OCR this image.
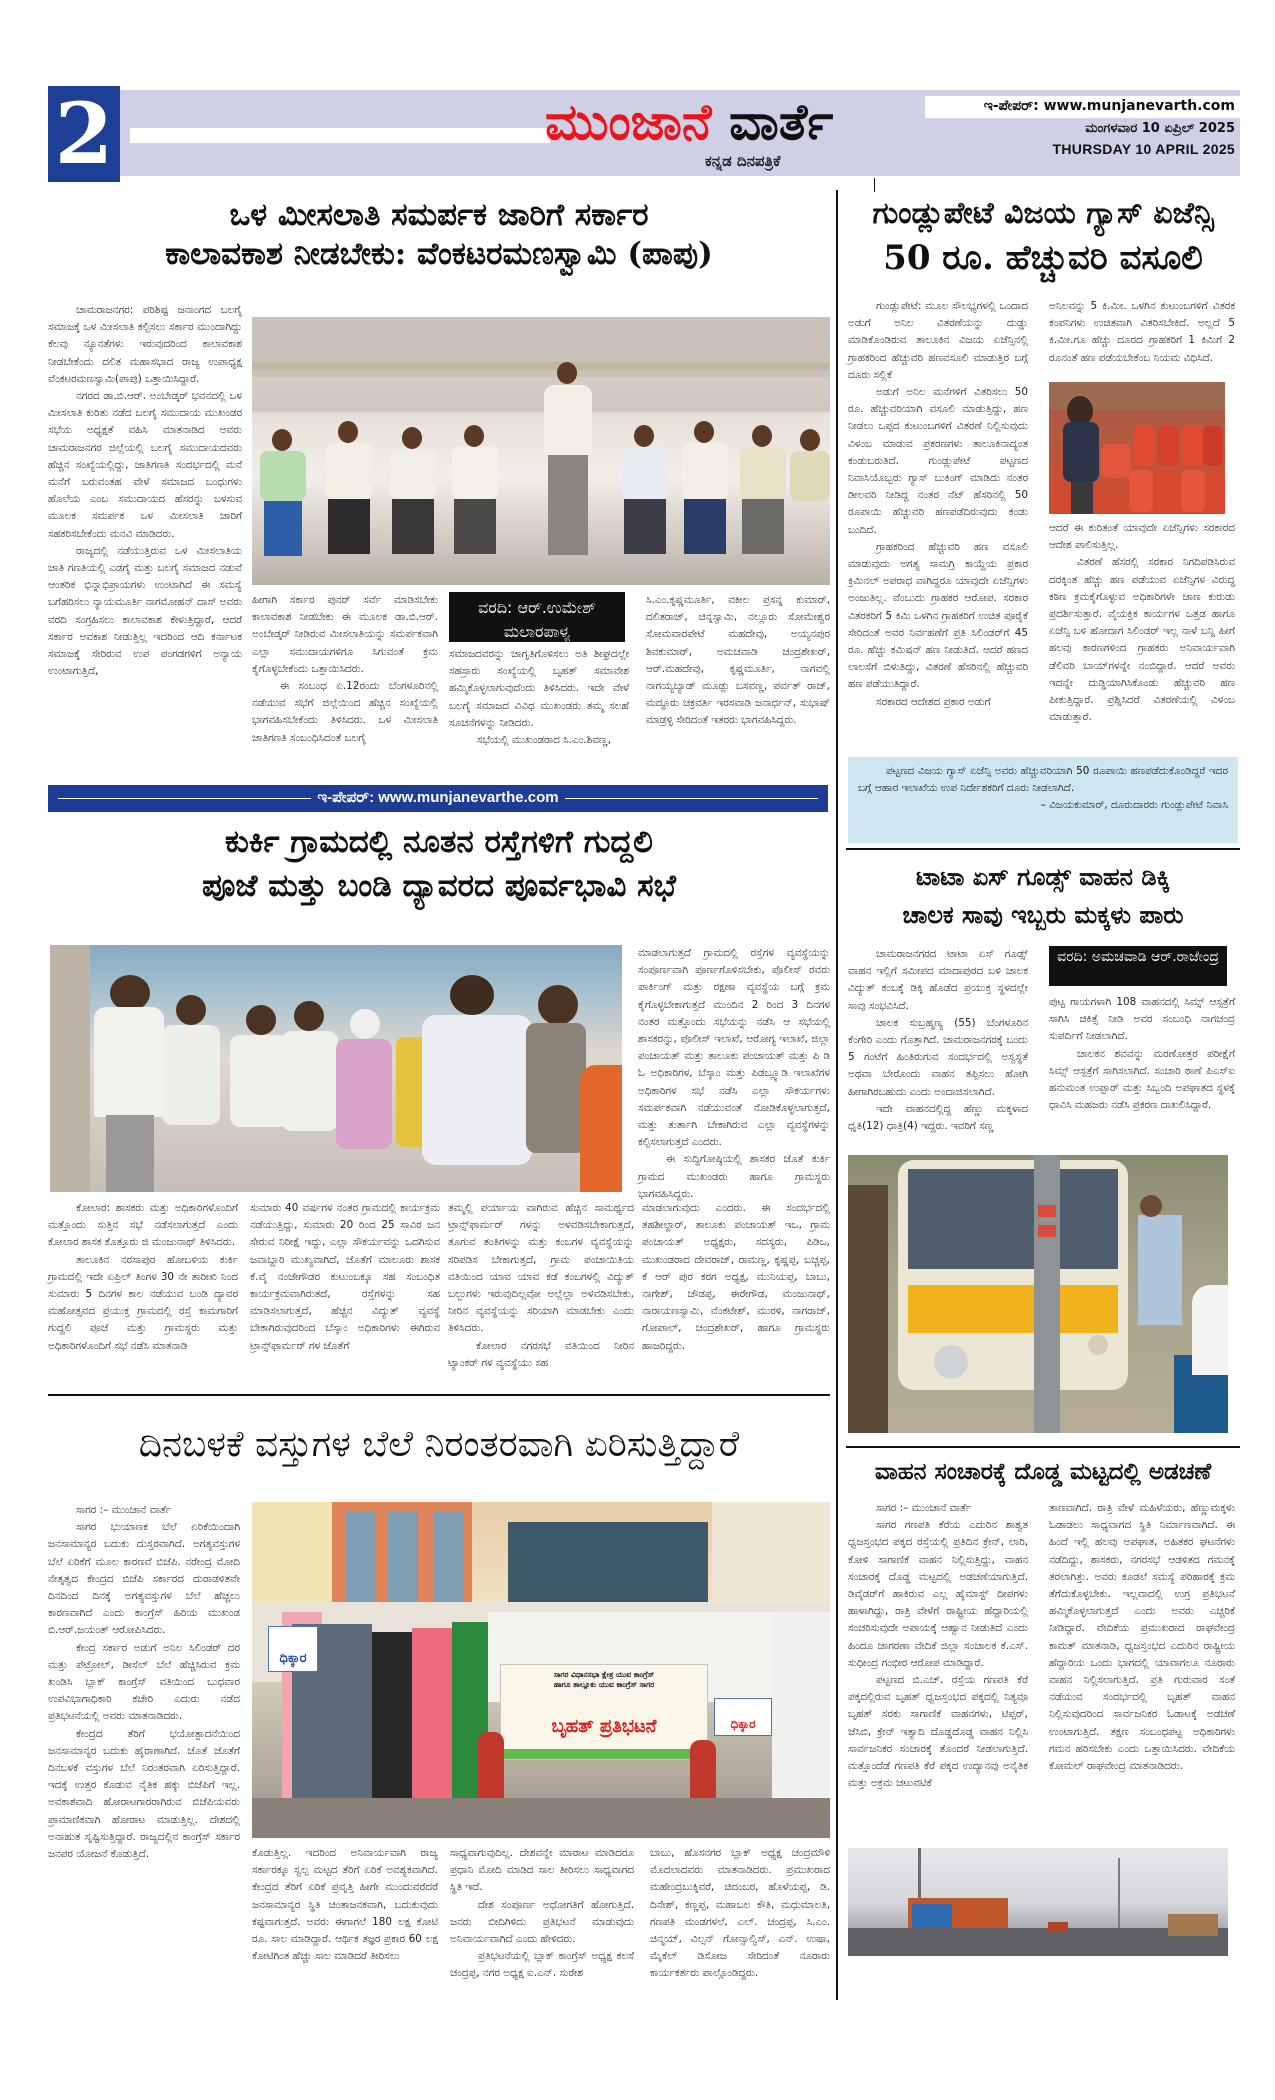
2	ಮುಂಜಾನೆ ವಾರ್ತೆ
ಕನ್ನಡ ದಿನಪತ್ರಿಕೆ
ಇ-ಪೇಪರ್: www.munjanevarth.com
ಮಂಗಳವಾರ 10 ಏಪ್ರಿಲ್ 2025
THURSDAY 10 APRIL 2025
ಒಳ ಮೀಸಲಾತಿ ಸಮರ್ಪಕ ಜಾರಿಗೆ ಸರ್ಕಾರ
ಕಾಲಾವಕಾಶ ನೀಡಬೇಕು: ವೆಂಕಟರಮಣಸ್ವಾಮಿ (ಪಾಪು)

ಚಾಮರಾಜನಗರ: ಪರಿಶಿಷ್ಟ ಜನಾಂಗದ ಬಲಗೈ ಸಮಾಜಕ್ಕೆ ಒಳ ಮೀಸಲಾತಿ ಕಲ್ಪಿಸಲು ಸರ್ಕಾರ ಮುಂದಾಗಿದ್ದು ಕೆಲವು ನ್ಯೂನತೆಗಳು ಇರುವುದರಿಂದ ಕಾಲಾವಕಾಶ ನೀಡಬೇಕೆಂದು ದಲಿತ ಮಹಾಸಭಾದ ರಾಜ್ಯ ಉಪಾಧ್ಯಕ್ಷ ವೆಂಕಟರಮಣಸ್ವಾಮಿ(ಪಾಪು) ಒತ್ತಾಯಿಸಿದ್ದಾರೆ.

ನಗರದ ಡಾ.ಬಿ.ಆರ್. ಅಂಬೇಡ್ಕರ್ ಭವನದಲ್ಲಿ ಒಳ ಮೀಸಲಾತಿ ಕುರಿತು ನಡೆದ ಬಲಗೈ ಸಮುದಾಯ ಮುಖಂಡರ ಸಭೆಯ ಅಧ್ಯಕ್ಷತೆ ವಹಿಸಿ ಮಾತನಾಡಿದ ಅವರು ಚಾಮರಾಜನಗರ ಜಿಲ್ಲೆಯಲ್ಲಿ ಬಲಗೈ ಸಮುದಾಯದವರು ಹೆಚ್ಚಿನ ಸಂಖ್ಯೆಯಲ್ಲಿದ್ದು, ಜಾತಿಗಣತಿ ಸಂದರ್ಭದಲ್ಲಿ ಮನೆ ಮನೆಗೆ ಬರುವಂತಹ ವೇಳೆ ಸಮಾಜದ ಬಂಧುಗಳು ಹೊಲೆಯ ಎಂಬ ಸಮುದಾಯದ ಹೆಸರನ್ನು ಬಳಸುವ ಮೂಲಕ ಸಮರ್ಪಕ ಒಳ ಮೀಸಲಾತಿ ಜಾರಿಗೆ ಸಹಕರಿಸಬೇಕೆಂದು ಮನವಿ ಮಾಡಿದರು.

ರಾಜ್ಯದಲ್ಲಿ ನಡೆಯುತ್ತಿರುವ ಒಳ ಮೀಸಲಾತಿಯ ಜಾತಿ ಗಣತಿಯಲ್ಲಿ ಎಡಗೈ ಮತ್ತು ಬಲಗೈ ಸಮಾಜದ ನಡುವೆ ಆಂತರಿಕ ಭಿನ್ನಾಭಿಪ್ರಾಯಗಳು ಉಂಟಾಗಿದೆ ಈ ಸಮಸ್ಯೆ ಬಗೆಹರಿಸಲು ನ್ಯಾಯಮೂರ್ತಿ ನಾಗಮೋಹನ್ ದಾಸ್ ಅವರು ವರದಿ ಸಂಗ್ರಹಿಸಲು ಕಾಲಾವಕಾಶ ಕೇಳುತ್ತಿದ್ದಾರೆ, ಆದರೆ ಸರ್ಕಾರ ಅವಕಾಶ ನೀಡುತ್ತಿಲ್ಲ ಇದರಿಂದ ಆದಿ ಕರ್ನಾಟಕ ಸಮಾಜಕ್ಕೆ ಸೇರಿರುವ ಉಪ ಪಂಗಡಗಳಿಗೆ ಅನ್ಯಾಯ ಉಂಟಾಗುತ್ತಿದೆ,

ಹೀಗಾಗಿ ಸರ್ಕಾರ ಪುನರ್ ಸರ್ವೆ ಮಾಡಿಸಬೇಕು ಕಾಲಾವಕಾಶ ನೀಡಬೇಕು ಈ ಮೂಲಕ ಡಾ.ಬಿ.ಆರ್. ಅಂಬೇಡ್ಕರ್ ನೀಡಿರುವ ಮೀಸಲಾತಿಯನ್ನು ಸಮರ್ಪಕವಾಗಿ ಎಲ್ಲಾ ಸಮುದಾಯಗಳಿಗೂ ಸಿಗುವಂತೆ ಕ್ರಮ ಕೈಗೊಳ್ಳಬೇಕೆಂದು ಒತ್ತಾಯಿಸಿದರು.

ಈ ಸಂಬಂಧ ಏ.12ರಂದು ಬೆಂಗಳೂರಿನಲ್ಲಿ ನಡೆಯುವ ಸಭೆಗೆ ಜಿಲ್ಲೆಯಿಂದ ಹೆಚ್ಚಿನ ಸಂಖ್ಯೆಯಲ್ಲಿ ಭಾಗವಹಿಸಬೇಕೆಂದು ತಿಳಿಸಿದರು. ಒಳ ಮೀಸಲಾತಿ ಜಾತಿಗಣತಿ ಸಂಬಂಧಿಸಿದಂತೆ ಬಲಗೈ

ವರದಿ: ಆರ್.ಉಮೇಶ್ ಮಲಾರಪಾಳ್ಯ

ಸಮಾಜದವರನ್ನು ಜಾಗೃತಿಗೊಳಿಸಲು ಅತಿ ಶೀಘ್ರದಲ್ಲೇ ಸಹಸ್ರಾರು ಸಂಖ್ಯೆಯಲ್ಲಿ ಬೃಹತ್ ಸಮಾವೇಶ ಹಮ್ಮಿಕೊಳ್ಳಲಾಗುವುದೆಂದು ತಿಳಿಸಿದರು. ಇದೇ ವೇಳೆ ಬಲಗೈ ಸಮಾಜದ ವಿವಿಧ ಮುಖಂಡರು ತಮ್ಮ ಸಲಹೆ ಸೂಚನೆಗಳನ್ನು ನೀಡಿದರು.

ಸಭೆಯಲ್ಲಿ ಮುಖಂಡರಾದ ಸಿ.ಎಂ.ಶಿವಣ್ಣ,

ಸಿ.ಎಂ.ಕೃಷ್ಣಮೂರ್ತಿ, ವಕೀಲ ಪ್ರಸನ್ನ ಕುಮಾರ್, ದಲಿತರಾಜ್, ಚಿನ್ನಸ್ವಾಮಿ, ನಲ್ಲೂರು ಸೋಮೇಶ್ವರ ಸೋಮವಾರಪೇಟೆ ಮಹದೇವು, ಅಯ್ಯನಪುರ ಶಿವಕುಮಾರ್, ಅಮಚವಾಡಿ ಚಂದ್ರಶೇಖರ್, ಆರ್.ಮಹದೇವು, ಕೃಷ್ಣಮೂರ್ತಿ, ನಾಗವಲ್ಲಿ ನಾಗಯ್ಯಬ್ಯಾಡ್ ಮೂಡ್ಲು ಬಸವಣ್ಣ, ಪರ್ವತ್ ರಾಜ್, ಮದ್ದೂರು ಚಕ್ರವರ್ತಿ ಇರಸವಾಡಿ ಜನಾರ್ಧನ್, ಸುಭಾಷ್ ಮಾಡ್ರಳ್ಳಿ ಸೇರಿದಂತೆ ಇತರರು ಭಾಗವಹಿಸಿದ್ದರು.

ಗುಂಡ್ಲುಪೇಟೆ ವಿಜಯ ಗ್ಯಾಸ್ ಏಜೆನ್ಸಿ
50 ರೂ. ಹೆಚ್ಚುವರಿ ವಸೂಲಿ

ಗುಂಡ್ಲುಪೇಟೆ: ಮೂಲ ಸೌಲಭ್ಯಗಳಲ್ಲಿ ಒಂದಾದ ಅಡುಗೆ ಅನಿಲ ವಿತರಣೆಯನ್ನು ದುಡ್ಡು ಮಾಡಿಕೊಂಡಿರುವ ತಾಲೂಕಿನ ವಿಜಯ ಏಜೆನ್ಸಿನಲ್ಲಿ ಗ್ರಾಹಕರಿಂದ ಹೆಚ್ಚುವರಿ ಹಣವಸೂಲಿ ಮಾಡುತ್ತಿರ ಬಗ್ಗೆ ದೂರು ಸಲ್ಲಿಕೆ

ಅಡುಗೆ ಅನಿಲ ಮನೆಗಳಿಗೆ ವಿತರಿಸಲು 50 ರೂ. ಹೆಚ್ಚುವರಿಯಾಗಿ ವಸೂಲಿ ಮಾಡುತ್ತಿದ್ದು, ಹಣ ನೀಡಲು ಒಪ್ಪದ ಕುಟುಂಬಗಳಿಗೆ ವಿತರಣೆ ನಿಲ್ಲಿಸುವುದು ವಿಳಂಬ ಮಾಡುವ ಪ್ರಕರಣಗಳು ತಾಲೂಕಿನಾದ್ಯಂತ ಕಂಡುಬರುತಿದೆ. ಗುಂಡ್ಲುಪೇಟೆ ಪಟ್ಟಣದ ನಿವಾಸಿಯೊಬ್ಬರು ಗ್ಯಾಸ್ ಬುಕಿಂಗ್ ಮಾಡಿದು ನಂತರ ಡೀಲವರಿ ನೀಡಿದ್ದ ನಂತರ ನೆಟ್ ಹೆಸರಿನಲ್ಲಿ 50 ರೂಪಾಯಿ ಹೆಚ್ಚುವರಿ ಹಣಪಡೆದಿರುವುದು ಕಂಡು ಬಂದಿದೆ.

ಗ್ರಾಹಕರಿಂದ ಹೆಚ್ಚುವರಿ ಹಣ ವಸೂಲಿ ಮಾಡುವುದು ಅಗತ್ಯ ಸಾಮಗ್ರಿ ಕಾಯ್ದೆಯ ಪ್ರಕಾರ ಕ್ರಿಮಿನಲ್ ಅಪರಾಧ ವಾಗಿದ್ದರೂ ಯಾವುದೇ ಏಜೆನ್ಸಿಗಳು ಅಂಜುತಿಲ್ಲ. ವೆಂಬುದು ಗ್ರಾಹಕರ ಆರೋಪ. ಸರಕಾರ ವಿತರಕರಿಗೆ 5 ಕಿಮಿ ಒಳಗಿನ ಗ್ರಾಹಕರಿಗೆ ಉಚಿತ ಪೂರೈಕೆ ಸೇರಿದಂತೆ ಅವರ ನಿರ್ವಹಣೆಗೆ ಪ್ರತಿ ಸಿಲಿಂಡರ್‌ಗೆ 45 ರೂ. ಹೆಚ್ಚು ಕಮಿಷನ್ ಹಣ ನೀಡುತಿದೆ. ಆದರೆ ಹಣದ ಲಾಲಸೆಗೆ ಬಿಳುತಿದ್ದು, ವಿತರಣೆ ಹೆಸರಿನಲ್ಲಿ ಹೆಚ್ಚುವರಿ ಹಣ ಪಡೆಯುತಿದ್ದಾರೆ.

ಸರಕಾರದ ಆದೇಶದ ಪ್ರಕಾರ ಅಡುಗೆ

ಅನಿಲವನ್ನು 5 ಕಿ.ಮೀ. ಒಳಗಿನ ಕುಟುಂಬಗಳಿಗೆ ವಿತರಕ ಕಂಪನಿಗಳು ಉಚಿತವಾಗಿ ವಿತರಿಸಬೇಕಿದೆ. ಅಲ್ಲದೆ 5 ಕಿ.ಮೀ.ಗೂ ಹೆಚ್ಚು ದೂರದ ಗ್ರಾಹಕರಿಗೆ 1 ಕಿಮಿಗೆ 2 ರೂನಂತೆ ಹಣ ಪಡೆಯಬೇಕೆಂಬ ನಿಯಮ ವಿಧಿಸಿದೆ.

ಆದರೆ ಈ ಕುರಿತಂತೆ ಯಾವುದೇ ಏಜೆನ್ಸಿಗಳು ಸರಕಾರದ ಆದೇಶ ಪಾಲಿಸುತ್ತಿಲ್ಲ.

ವಿತರಣೆ ಹೆಸರಲ್ಲಿ ಸರಕಾರ ನಿಗದಿಪಡಿಸಿರುವ ದರಕ್ಕಿಂತ ಹೆಚ್ಚು ಹಣ ಪಡೆಯುವ ಏಜೆನ್ಸಿಗಳ ವಿರುದ್ಧ ಕಠಿಣ ಕ್ರಮಕೈಗೊಳ್ಳುವ ಅಧಿಕಾರಿಗಳೇ ಜಾಣ ಕುರುಡು ಪ್ರದರ್ಶಿಸುತ್ತಾರೆ. ವೈಯಕ್ತಿಕ ಕಾರ್ಯಗಳ ಒತ್ತಡ ಹಾಗೂ ಏಜೆನ್ಸಿ ಬಳಿ ಹೋದಾಗ ಸಿಲಿಂಡರ್ ಇಲ್ಲ ನಾಳೆ ಬನ್ನಿ ಹೀಗೆ ಹಲವು ಕಾರಣಗಳಿಂದ ಗ್ರಾಹಕರು ಅನಿವಾರ್ಯವಾಗಿ ಡೆಲಿವರಿ ಬಾಯ್‌ಗಳನ್ನೇ ನಂಬಿದ್ದಾರೆ. ಆದರೆ ಅವರು ಇದನ್ನೇ ದುಡ್ಡಿಯಾಗಿಸಿಕೊಂಡು ಹೆಚ್ಚುವರಿ ಹಣ ಪೀಕುತ್ತಿದ್ದಾರೆ. ಪ್ರಶ್ನಿಸಿದರೆ ವಿತರಣೆಯಲ್ಲಿ ವಿಳಂಬ ಮಾಡುತ್ತಾರೆ.

ಪಟ್ಟಣದ ವಿಜಯ ಗ್ಯಾಸ್ ಏಜೆನ್ಸಿ ಅವರು ಹೆಚ್ಚುವರಿಯಾಗಿ 50 ರೂಪಾಯಿ ಹಣಪಡೆದುಕೊಂಡಿದ್ದರೆ ಇದರ ಬಗ್ಗೆ ಆಹಾರ ಇಲಾಖೆಯ ಉಪ ನಿರ್ದೇಶಕರಿಗೆ ದೂರು ನೀಡಲಾಗಿದೆ.

– ವಿಜಯಕುಮಾರ್, ದೂರುದಾರರು ಗುಂಡ್ಲುಪೇಟೆ ನಿವಾಸಿ
ಇ-ಪೇಪರ್: www.munjanevarthe.com
ಕುರ್ಕಿ ಗ್ರಾಮದಲ್ಲಿ ನೂತನ ರಸ್ತೆಗಳಿಗೆ ಗುದ್ದಲಿ
ಪೂಜೆ ಮತ್ತು ಬಂಡಿ ದ್ಯಾವರದ ಪೂರ್ವಭಾವಿ ಸಭೆ

ಮಾಡಲಾಗುತ್ತದೆ ಗ್ರಾಮದಲ್ಲಿ ರಸ್ತೆಗಳ ವ್ಯವಸ್ಥೆಯನ್ನು ಸಂಪೂರ್ಣವಾಗಿ ಪೂರ್ಣಗೊಳಿಸಬೇಕು, ಪೊಲೀಸ್ ರವರು ಪಾರ್ಕಿಂಗ್ ಮತ್ತು ರಕ್ಷಣಾ ವ್ಯವಸ್ಥೆಯ ಬಗ್ಗೆ ಕ್ರಮ ಕೈಗೊಳ್ಳಬೇಕಾಗುತ್ತದೆ ಮುಂದಿನ 2 ರಿಂದ 3 ದಿನಗಳ ನಂತರ ಮತ್ತೊಂದು ಸಭೆಯನ್ನು ನಡೆಸಿ ಆ ಸಭೆಯಲ್ಲಿ ಶಾಸಕರನ್ನು, ಪೊಲೀಸ್ ಇಲಾಖೆ, ಆರೋಗ್ಯ ಇಲಾಖೆ, ಜಿಲ್ಲಾ ಪಂಚಾಯತ್ ಮತ್ತು ತಾಲೂಕು ಪಂಚಾಯತ್ ಮತ್ತು ಪಿ ಡಿ ಓ ಅಧಿಕಾರಿಗಳ, ಬೆಸ್ಕಾಂ ಮತ್ತು ಪಿಡಬ್ಲ್ಯೂಡಿ ಇಲಾಖೆಗಳ ಅಧಿಕಾರಿಗಳ ಸಭೆ ನಡೆಸಿ ಎಲ್ಲಾ ಸೌಕರ್ಯಗಳು ಸಮರ್ಪಕವಾಗಿ ನಡೆಯುವಂತೆ ನೋಡಿಕೊಳ್ಳಲಾಗುತ್ತದೆ, ಮತ್ತು ತುರ್ತಾಗಿ ಬೇಕಾಗಿರುವ ಎಲ್ಲಾ ವ್ಯವಸ್ಥೆಗಳನ್ನು ಕಲ್ಪಿಸಲಾಗುತ್ತದೆ ಎಂದರು.

ಈ ಸುದ್ದಿಗೋಷ್ಠಿಯಲ್ಲಿ ಶಾಸಕರ ಜೊತೆ ಕುರ್ಕಿ ಗ್ರಾಮದ ಮುಖಂಡರು ಹಾಗೂ ಗ್ರಾಮಸ್ಥರು ಭಾಗವಹಿಸಿದ್ದರು.

ಕೋಲಾರ: ಶಾಸಕರು ಮತ್ತು ಅಧಿಕಾರಿಗಳೊಂದಿಗೆ ಮತ್ತೊಂದು ಸುತ್ತಿನ ಸಭೆ ನಡೆಸಲಾಗುತ್ತದೆ ಎಂದು ಕೋಲಾರ ಶಾಸಕ ಕೊತ್ತೂರು ಜಿ ಮಂಜುನಾಥ್ ತಿಳಿಸಿದರು.

ತಾಲೂಕಿನ ನರಸಾಪುರ ಹೋಬಳಿಯ ಕುರ್ಕಿ ಗ್ರಾಮದಲ್ಲಿ ಇದೇ ಏಪ್ರಿಲ್ ತಿಂಗಳ 30 ನೇ ತಾರೀಖಿ ನಿಂದ ಸುಮಾರು 5 ದಿನಗಳ ಕಾಲ ನಡೆಯುವ ಬಂಡಿ ದ್ಯಾವರ ಮಹೋತ್ಸವದ ಪ್ರಯುಕ್ತ ಗ್ರಾಮದಲ್ಲಿ ರಸ್ತೆ ಕಾಮಗಾರಿಗೆ ಗುದ್ದಲಿ ಪೂಜೆ ಮತ್ತು ಗ್ರಾಮಸ್ಥರು ಮತ್ತು ಅಧಿಕಾರಿಗಳೊಂದಿಗೆ ಸಭೆ ನಡೆಸಿ ಮಾತನಾಡಿ

ಸುಮಾರು 40 ವರ್ಷಗಳ ನಂತರ ಗ್ರಾಮದಲ್ಲಿ ಕಾರ್ಯಕ್ರಮ ನಡೆಯುತ್ತಿದ್ದು, ಸುಮಾರು 20 ರಿಂದ 25 ಸಾವಿರ ಜನ ಸೇರುವ ನಿರೀಕ್ಷೆ ಇದ್ದು, ಎಲ್ಲಾ ಸೌಕರ್ಯವನ್ನು ಒದಗಿಸುವ ಜವಾಬ್ದಾರಿ ಮುಖ್ಯವಾಗಿದೆ, ಜೊತೆಗೆ ಮಾಲೂರು ಶಾಸಕ ಕೆ.ವೈ ನಂಜೇಗೌಡರ ಕುಟುಂಬಕ್ಕೂ ಸಹ ಸಂಬಂಧಿತ ಕಾರ್ಯಕ್ರಮವಾಗಿರುತದೆ, ರಸ್ತೆಗಳನ್ನು ಸಹ ಮಾಡಿಸಲಾಗುತ್ತದೆ, ಹೆಚ್ಚಿನ ವಿದ್ಯುತ್ ವ್ಯವಸ್ಥೆ ಬೇಕಾಗಿರುವುದರಿಂದ ಬೆಸ್ಕಾಂ ಅಧಿಕಾರಿಗಳು ಈಗಿರುವ ಟ್ರಾನ್ಸ್‌ಫಾರ್ಮರ್ ಗಳ ಜೊತೆಗೆ

ತಮ್ಮಲ್ಲಿ ಪರ್ಯಾಯ ವಾಗಿರುವ ಹೆಚ್ಚಿನ ಸಾಮರ್ಥ್ಯದ ಟ್ರಾನ್ಸ್‌ಫಾರ್ಮರ್ ಗಳನ್ನು ಅಳವಡಿಸಬೇಕಾಗುತ್ತದೆ, ತೂಗುವ ತಂತಿಗಳನ್ನು ಮತ್ತು ಕಂಬಗಳ ವ್ಯವಸ್ಥೆಯನ್ನು ಸರಿಪಡಿಸ ಬೇಕಾಗುತ್ತದೆ, ಗ್ರಾಮ ಪಂಚಾಯಿತಿಯ ವತಿಯಿಂದ ಯಾವ ಯಾವ ಕಡೆ ಕಂಬಗಳಲ್ಲಿ ವಿದ್ಯುತ್ ಬಲ್ಬುಗಳು ಇರುವುದಿಲ್ಲವೋ ಅಲ್ಲೆಲ್ಲಾ ಅಳವಡಿಸಬೇಕು, ನೀರಿನ ವ್ಯವಸ್ಥೆಯನ್ನು ಸರಿಯಾಗಿ ಮಾಡಬೇಕು ಎಂದು ತಿಳಿಸಿದರು.

ಕೋಲಾರ ನಗರಸಭೆ ವತಿಯಿಂದ ನೀರಿನ ಟ್ಯಾಂಕರ್ ಗಳ ವ್ಯವಸ್ಥೆಯು ಸಹ

ಮಾಡಲಾಗುವುದು ಎಂದರು. ಈ ಸಂದರ್ಭದಲ್ಲಿ ತಹಶೀಲ್ದಾರ್, ತಾಲೂಕು ಪಂಚಾಯತ್ ಇಒ, ಗ್ರಾಮ ಪಂಚಾಯತ್ ಅಧ್ಯಕ್ಷರು, ಸದಸ್ಯರು, ಪಿಡಿಒ, ಮುಖಂಡರಾದ ದೇವರಾಜ್, ರಾಮಣ್ಣ, ಕೃಷ್ಣಪ್ಪ, ಬಚ್ಚಪ್ಪ, ಕೆ ಆರ್ ಪುರ ಕರಗ ಅಧ್ಯಕ್ಷ, ಮುನಿಯಪ್ಪ, ಬಾಬು, ನಾಗೇಶ್, ಚೌಡಪ್ಪ, ಈರೇಗೌಡ, ಮಂಜುನಾಥ್, ನಾರಾಯಣಸ್ವಾಮಿ, ವೆಂಕಟೇಶ್, ಮುರಳಿ, ನಾಗರಾಜ್, ಗೋಪಾಲ್, ಚಂದ್ರಶೇಖರ್, ಹಾಗೂ ಗ್ರಾಮಸ್ಥರು ಹಾಜರಿದ್ದರು.

ಟಾಟಾ ಏಸ್ ಗೂಡ್ಸ್ ವಾಹನ ಡಿಕ್ಕಿ
ಚಾಲಕ ಸಾವು ಇಬ್ಬರು ಮಕ್ಕಳು ಪಾರು

ಚಾಮರಾಜನಗರದ ಟಾಟಾ ಏಸ್ ಗೂಡ್ಸ್ ವಾಹನ ಇಲ್ಲಿಗೆ ಸಮೀಪದ ಮಾದಾಪುರದ ಬಳಿ ಚಾಲಕ ವಿದ್ಯುತ್ ಕಂಬಕ್ಕೆ ಡಿಕ್ಕಿ ಹೊಡೆದ ಪ್ರಯುಕ್ತ ಸ್ಥಳದಲ್ಲೇ ಸಾವು ಸಂಭವಿಸಿದೆ.

ಚಾಲಕ ಸುಬ್ರಹ್ಮಣ್ಯ (55) ಬೆಂಗಳೂರಿನ ಕೆಂಗೇರಿ ಎಂದು ಗೊತ್ತಾಗಿದೆ. ಚಾಮರಾಜನಗರಕ್ಕೆ ಬಂದು 5 ಗಂಟೆಗೆ ಹಿಂತಿರುಗುವ ಸಂದರ್ಭದಲ್ಲಿ ಅಸ್ವಸ್ಥತೆ ಅಥವಾ ಬೇರೊಂದು ವಾಹನ ತಪ್ಪಿಸಲು ಹೋಗಿ ಹೀಗಾಗಿರಬಹುದು ಎಂದು ಅಂದಾಜಿಸಲಾಗಿದೆ.

ಇದೇ ವಾಹನದಲ್ಲಿದ್ದ ಹೆಣ್ಣು ಮಕ್ಕಳಾದ ಧೃತಿ(12) ಧಾತ್ರಿ(4) ಇದ್ದರು. ಇವರಿಗೆ ಸಣ್ಣ

ವರದಿ: ಅಮಚವಾಡಿ ಆರ್.ರಾಜೇಂದ್ರ

ಪುಟ್ಟ ಗಾಯಗಳಾಗಿ 108 ವಾಹನದಲ್ಲಿ ಸಿಮ್ಸ್ ಆಸ್ಪತ್ರೆಗೆ ಸಾಗಿಸಿ ಚಿಕಿತ್ಸೆ ನೀಡಿ ಅವರ ಸಂಬಂಧಿ ನಾಗಚಂದ್ರ ಸುಪರ್ದಿಗೆ ನೀಡಲಾಗಿದೆ.

ಚಾಲಕನ ಶವವನ್ನು ಮರಣೋತ್ತರ ಪರೀಕ್ಷೆಗೆ ಸಿಮ್ಸ್ ಆಸ್ಪತ್ರೆಗೆ ಸಾಗಿಸಲಾಗಿದೆ. ಸಂಚಾರಿ ಠಾಣೆ ಪಿಎಸ್ಐ ಹನುಮಂತ ಉಪ್ಪಾರ್ ಮತ್ತು ಸಿಬ್ಬಂದಿ ಅಪಘಾತದ ಸ್ಥಳಕ್ಕೆ ಧಾವಿಸಿ ಮಹಜರು ನಡೆಸಿ ಪ್ರಕರಣ ದಾಖಲಿಸಿದ್ದಾರೆ.

ದಿನಬಳಕೆ ವಸ್ತುಗಳ ಬೆಲೆ ನಿರಂತರವಾಗಿ ಏರಿಸುತ್ತಿದ್ದಾರೆ

ಸಾಗರ :– ಮುಂಜಾನೆ ವಾರ್ತೆ

ಸಾಗರ ಭುಯಾಣಕ ಬೆಲೆ ಏರಿಕೆಯಿಂದಾಗಿ ಜನಸಾಮಾನ್ಯರ ಬದುಕು ದುಸ್ತರವಾಗಿದೆ. ಅಗತ್ಯವಸ್ತುಗಳ ಬೆಲೆ ಏರಿಕೆಗೆ ಮೂಲ ಕಾರಣವೆ ಬಿಜೆಪಿ. ನರೇಂದ್ರ ಮೋದಿ ನೇತೃತ್ವದ ಕೇಂದ್ರದ ಬಿಜೆಪಿ ಸರ್ಕಾರದ ದುರಾಡಳಿತವೇ ದಿನದಿಂದ ದಿನಕ್ಕೆ ಅಗತ್ಯವಸ್ತುಗಳ ಬೆಲೆ ಹೆಚ್ಚಲು ಕಾರಣವಾಗಿದೆ ಎಂದು ಕಾಂಗ್ರೆಸ್ ಹಿರಿಯ ಮುಖಂಡ ಬಿ.ಆರ್.ಜಯಂತ್ ಆರೋಪಿಸಿದರು.

ಕೇಂದ್ರ ಸರ್ಕಾರ ಅಡುಗೆ ಅನಿಲ ಸಿಲಿಂಡರ್ ದರ ಮತ್ತು ಪೆಟ್ರೋಲ್, ಡೀಸೆಲ್ ಬೆಲೆ ಹೆಚ್ಚಿಸಿರುವ ಕ್ರಮ ಖಂಡಿಸಿ ಬ್ಲಾಕ್ ಕಾಂಗ್ರೆಸ್ ವತಿಯಿಂದ ಬುಧವಾರ ಉಪವಿಭಾಗಾಧಿಕಾರಿ ಕಚೇರಿ ಎದುರು ನಡೆದ ಪ್ರತಿಭಟನೆಯಲ್ಲಿ ಅವರು ಮಾತನಾಡಿದರು.

ಕೇಂದ್ರದ ತೆರಿಗೆ ಭಯೋತ್ಪಾದನೆಯಿಂದ ಜನಸಾಮಾನ್ಯರ ಬದುಕು ಹೈರಾಣಾಗಿದೆ. ಜೊತೆ ಜೊತೆಗೆ ದಿನಬಳಕೆ ವಸ್ತುಗಳ ಬೆಲೆ ನಿರಂತರವಾಗಿ ಏರಿಸುತ್ತಿದ್ದಾರೆ. ಇದಕ್ಕೆ ಉತ್ತರ ಕೊಡುವ ನೈತಿಕ ಹಕ್ಕು ಬಿಜೆಪಿಗೆ ಇಲ್ಲ. ಅವಕಾಶವಾದಿ ಹೋರಾಟಗಾರರಾಗಿರುವ ಬಿಜೆಪಿಯವರು ಪ್ರಾಮಾಣಿಕವಾಗಿ ಹೋರಾಟ ಮಾಡುತ್ತಿಲ್ಲ. ದೇಶದಲ್ಲಿ ಅನಾಹುತ ಸೃಷ್ಟಿಸುತ್ತಿದ್ದಾರೆ. ರಾಜ್ಯದಲ್ಲಿನ ಕಾಂಗ್ರೆಸ್ ಸರ್ಕಾರ ಜನಪರ ಯೋಜನೆ ಕೊಡುತ್ತಿದೆ.

ಸಾಗರ ವಿಧಾನಸಭಾ ಕ್ಷೇತ್ರ ಯುವ ಕಾಂಗ್ರೆಸ್
ಹಾಗೂ ತಾಲ್ಲೂಕು ಯುವ ಕಾಂಗ್ರೆಸ್ ಸಾಗರ
ಬೃಹತ್ ಪ್ರತಿಭಟನೆ
ಧಿಕ್ಕಾರ
ಧಿಕ್ಕಾರ

ಕೊಡುತ್ತಿಲ್ಲ. ಇದರಿಂದ ಅನಿವಾರ್ಯವಾಗಿ ರಾಜ್ಯ ಸರ್ಕಾರಕ್ಕೂ ಸ್ವಲ್ಪ ಮಟ್ಟದ ತೆರಿಗೆ ಏರಿಕೆ ಅವಶ್ಯಕವಾಗಿದೆ. ಕೇಂದ್ರದ ತೆರಿಗೆ ಏರಿಕೆ ಪ್ರವೃತ್ತಿ ಹೀಗೇ ಮುಂದುವರೆದರೆ ಜನಸಾಮಾನ್ಯರ ಸ್ಥಿತಿ ಚಿಂತಾಜನಕವಾಗಿ, ಬದುಕುವುದು ಕಷ್ಟವಾಗುತ್ತದೆ. ಅವರು ಈಗಾಗಲೆ 180 ಲಕ್ಷ ಕೋಟಿ ರೂ. ಸಾಲ ಮಾಡಿದ್ದಾರೆ. ಆರ್ಥಿಕ ತಜ್ಞರ ಪ್ರಕಾರ 60 ಲಕ್ಷ ಕೋಟಿಗಿಂತ ಹೆಚ್ಚು ಸಾಲ ಮಾಡಿದರೆ ತೀರಿಸಲು

ಸಾಧ್ಯವಾಗುವುದಿಲ್ಲ. ದೇಶವನ್ನೇ ಮಾರಾಟ ಮಾಡಿದರೂ ಪ್ರಧಾನಿ ಮೋದಿ ಮಾಡಿದ ಸಾಲ ತೀರಿಸಲು ಸಾಧ್ಯವಾಗದ ಸ್ಥಿತಿ ಇದೆ.

ದೇಶ ಸಂಪೂರ್ಣ ಅಧೋಗತಿಗೆ ಹೋಗುತ್ತಿದೆ. ಜನರು ಬೀದಿಗಿಳಿದು ಪ್ರತಿಭಟನೆ ಮಾಡುವುದು ಅನಿವಾರ್ಯವಾಗಿದೆ ಎಂದು ಹೇಳಿದರು.

ಪ್ರತಿಭಟನೆಯಲ್ಲಿ ಬ್ಲಾಕ್ ಕಾಂಗ್ರೆಸ್ ಅಧ್ಯಕ್ಷ ಕಲಸೆ ಚಂದ್ರಪ್ಪ, ನಗರ ಅಧ್ಯಕ್ಷ ಐ.ಎನ್. ಸುರೇಶ

ಬಾಬು, ಹೊಸನಗರ ಬ್ಲಾಕ್ ಅಧ್ಯಕ್ಷ ಚಂದ್ರಮೌಳಿ ಮೊದಲಾದವರು ಮಾತನಾಡಿದರು. ಪ್ರಮುಖರಾದ ಮಹೇಂದ್ರಬುಕ್ಕಿವರೆ, ಚಿದಂಬರ, ಹೊಳೆಯಪ್ಪ, ಡಿ. ದಿನೇಶ್, ಕಣ್ಣಪ್ಪ, ಮಹಾಬಲ ಕೌತಿ, ಮಧುಮಾಲತಿ, ಗಣಪತಿ ಮಂಡಗಳಲೆ, ಎಲ್. ಚಂದ್ರಪ್ಪ, ಸಿ.ಎಂ. ಚಿನ್ಮಯ್, ವಿಲ್ಸನ್ ಗೋನ್ಸಾಲ್ವಿಸ್, ಎನ್. ಉಷಾ, ಮೈಕೆಲ್ ಡಿಸೋಜ ಸೇರಿದಂತೆ ನೂರಾರು ಕಾರ್ಯಕರ್ತರು ಪಾಲ್ಗೊಂಡಿದ್ದರು.

ವಾಹನ ಸಂಚಾರಕ್ಕೆ ದೊಡ್ಡ ಮಟ್ಟದಲ್ಲಿ ಅಡಚಣೆ

ಸಾಗರ :– ಮುಂಜಾನೆ ವಾರ್ತೆ

ಸಾಗರ ಗಣಪತಿ ಕೆರೆಯ ಎದುರಿನ ಶಾಶ್ವತ ಧ್ವಜಸ್ತಂಭದ ಪಕ್ಕದ ರಸ್ತೆಯಲ್ಲಿ ಪ್ರತಿದಿನ ಕ್ರೇನ್, ಲಾರಿ, ಕೋಳಿ ಸಾಗಾಣಿಕೆ ವಾಹನ ನಿಲ್ಲಿಸುತ್ತಿದ್ದು, ವಾಹನ ಸಂಚಾರಕ್ಕೆ ದೊಡ್ಡ ಮಟ್ಟದಲ್ಲಿ ಅಡಚಣೆಯಾಗುತ್ತಿದೆ. ಡಿವೈಡರ್‌ಗೆ ಹಾಕಿರುವ ಎಲ್ಲ ಹೈಮಾಸ್ಟ್ ದೀಪಗಳು ಹಾಳಾಗಿದ್ದು, ರಾತ್ರಿ ವೇಳೆಗೆ ರಾಷ್ಟ್ರೀಯ ಹೆದ್ದಾರಿಯಲ್ಲಿ ಸಂಚರಿಸುವುದೇ ಅಪಾಯಕ್ಕೆ ಆಹ್ವಾನ ನೀಡುತಿದೆ ಎಂದು ಹಿಂದೂ ಜಾಗರಣಾ ವೇದಿಕೆ ಜಿಲ್ಲಾ ಸಂಚಾಲಕ ಕೆ.ಎಸ್. ಸುಧೀಂದ್ರ ಗಂಭೀರ ಆರೋಪ ಮಾಡಿದ್ದಾರೆ.

ಪಟ್ಟಣದ ಬಿ.ಎಚ್. ರಸ್ತೆಯ ಗಣಪತಿ ಕೆರೆ ಪಕ್ಕದಲ್ಲಿರುವ ಬೃಹತ್ ಧ್ವಜಸ್ತಂಭದ ಪಕ್ಕದಲ್ಲಿ ನಿತ್ಯವೂ ಬೃಹತ್ ಸರಕು ಸಾಗಾಣಿಕೆ ವಾಹನಗಳು, ಟಿಪ್ಪರ್, ಜೆಸಿಬಿ, ಕ್ರೇನ್ ಇತ್ಯಾದಿ ದೊಡ್ಡದೊಡ್ಡ ವಾಹನ ನಿಲ್ಲಿಸಿ ಸಾರ್ವಜನಿಕರ ಸಂಚಾರಕ್ಕೆ ತೊಂದರೆ ನೀಡಲಾಗುತ್ತಿದೆ. ಮತ್ತೊಂದೆಡೆ ಗಣಪತಿ ಕೆರೆ ಪಕ್ಕದ ಉದ್ಯಾನವು ಅನೈತಿಕ ಮತ್ತು ಅಕ್ರಮ ಚಟುವಟಿಕೆ

ತಾಣವಾಗಿದೆ. ರಾತ್ರಿ ವೇಳೆ ಮಹಿಳೆಯರು, ಹೆಣ್ಣುಮಕ್ಕಳು ಓಡಾಡಲು ಸಾಧ್ಯವಾಗದ ಸ್ಥಿತಿ ನಿರ್ಮಾಣವಾಗಿದೆ. ಈ ಹಿಂದೆ ಇಲ್ಲಿ ಹಲವು ಅಪಘಾತ, ಅಹಿತಕರ ಘಟನೆಗಳು ನಡೆದಿದ್ದು, ಶಾಸಕರು, ನಗರಸಭೆ ಆಡಳಿತದ ಗಮನಕ್ಕೆ ತರಲಾಗಿತ್ತು. ಅವರು ಕೂಡಲೆ ಸಮಸ್ಯೆ ಪರಿಹಾರಕ್ಕೆ ಕ್ರಮ ತೆಗೆದುಕೊಳ್ಳಬೇಕು. ಇಲ್ಲವಾದಲ್ಲಿ ಉಗ್ರ ಪ್ರತಿಭಟನೆ ಹಮ್ಮಿಕೊಳ್ಳಲಾಗುತ್ತದೆ ಎಂದು ಅವರು ಎಚ್ಚರಿಕೆ ನೀಡಿದ್ದಾರೆ. ವೇದಿಕೆಯ ಪ್ರಮುಖರಾದ ರಾಘವೇಂದ್ರ ಕಾಮತ್ ಮಾತನಾಡಿ, ಧ್ವಜಸ್ತಂಭದ ಎದುರಿನ ರಾಷ್ಟ್ರೀಯ ಹೆದ್ದಾರಿಯ ಒಂದು ಭಾಗದಲ್ಲಿ ಯಾವಾಗಲೂ ನೂರಾರು ವಾಹನ ನಿಲ್ಲಿಸಲಾಗುತ್ತಿದೆ. ಪ್ರತಿ ಗುರುವಾರ ಸಂತೆ ನಡೆಯುವ ಸಂದರ್ಭದಲ್ಲಿ ಬೃಹತ್ ವಾಹನ ನಿಲ್ಲಿಸುವುದರಿಂದ ಸಾರ್ವಜನಿಕರ ಓಡಾಟಕ್ಕೆ ಅಡಚಣೆ ಉಂಟಾಗುತ್ತಿದೆ. ತಕ್ಷಣ ಸಂಬಂಧಪಟ್ಟ ಅಧಿಕಾರಿಗಳು ಗಮನ ಹರಿಸಬೇಕು ಎಂದು ಒತ್ತಾಯಿಸಿದರು. ವೇದಿಕೆಯ ಕೋಮಲ್ ರಾಘವೇಂದ್ರ ಮಾತನಾಡಿದರು.
